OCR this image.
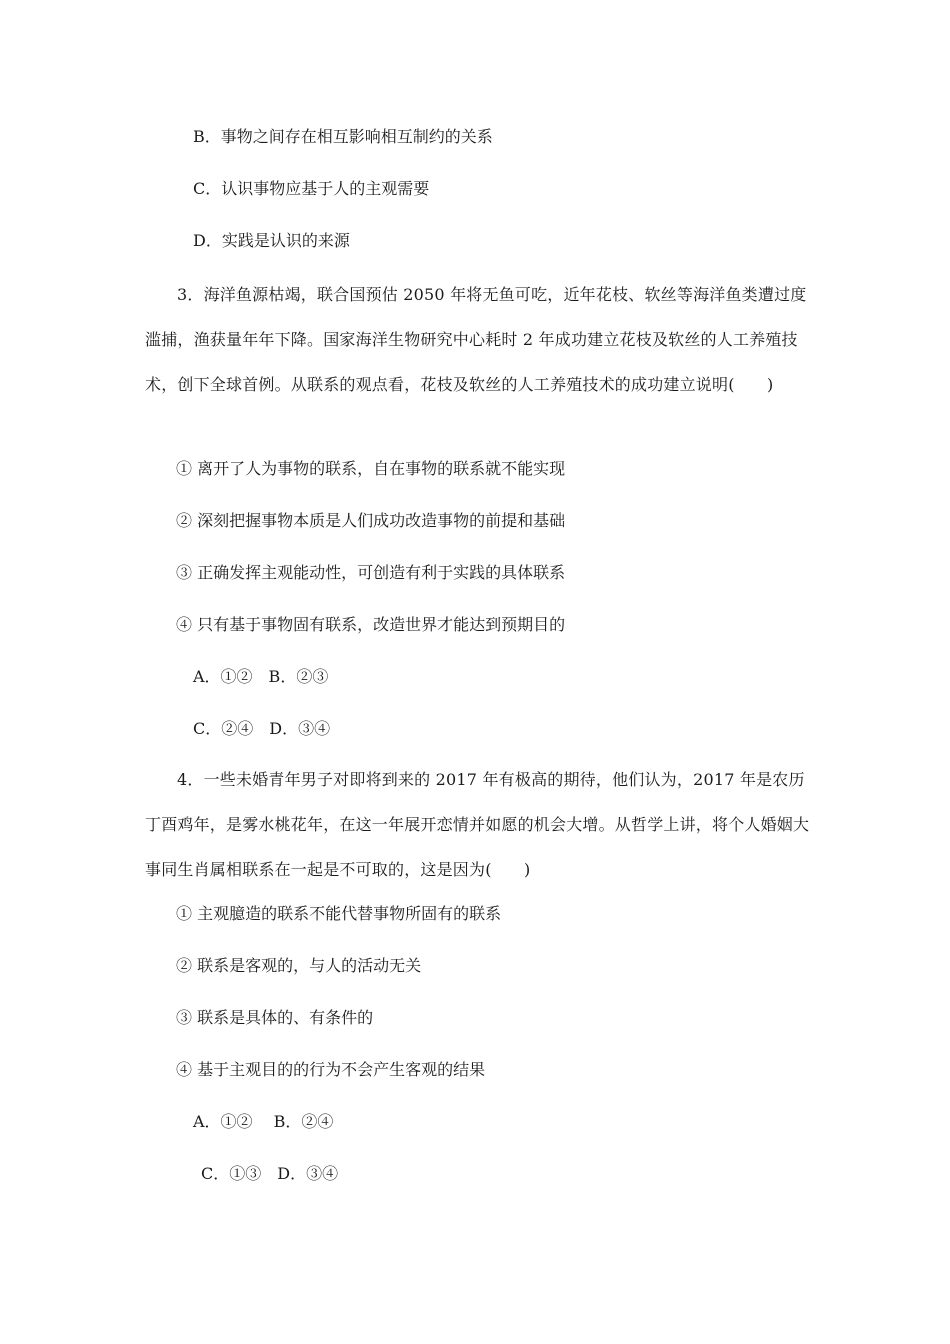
B．事物之间存在相互影响相互制约的关系
C．认识事物应基于人的主观需要
D．实践是认识的来源
3．海洋鱼源枯竭，联合国预估 2050 年将无鱼可吃，近年花枝、软丝等海洋鱼类遭过度滥捕，渔获量年年下降。国家海洋生物研究中心耗时 2 年成功建立花枝及软丝的人工养殖技术，创下全球首例。从联系的观点看，花枝及软丝的人工养殖技术的成功建立说明(　　)
① 离开了人为事物的联系，自在事物的联系就不能实现
② 深刻把握事物本质是人们成功改造事物的前提和基础
③ 正确发挥主观能动性，可创造有利于实践的具体联系
④ 只有基于事物固有联系，改造世界才能达到预期目的
A．①②　B．②③
C．②④　D．③④
4．一些未婚青年男子对即将到来的 2017 年有极高的期待，他们认为，2017 年是农历丁酉鸡年，是雾水桃花年，在这一年展开恋情并如愿的机会大增。从哲学上讲，将个人婚姻大事同生肖属相联系在一起是不可取的，这是因为(　　)
① 主观臆造的联系不能代替事物所固有的联系
② 联系是客观的，与人的活动无关
③ 联系是具体的、有条件的
④ 基于主观目的的行为不会产生客观的结果
A．①②　 B．②④
C．①③　D．③④
